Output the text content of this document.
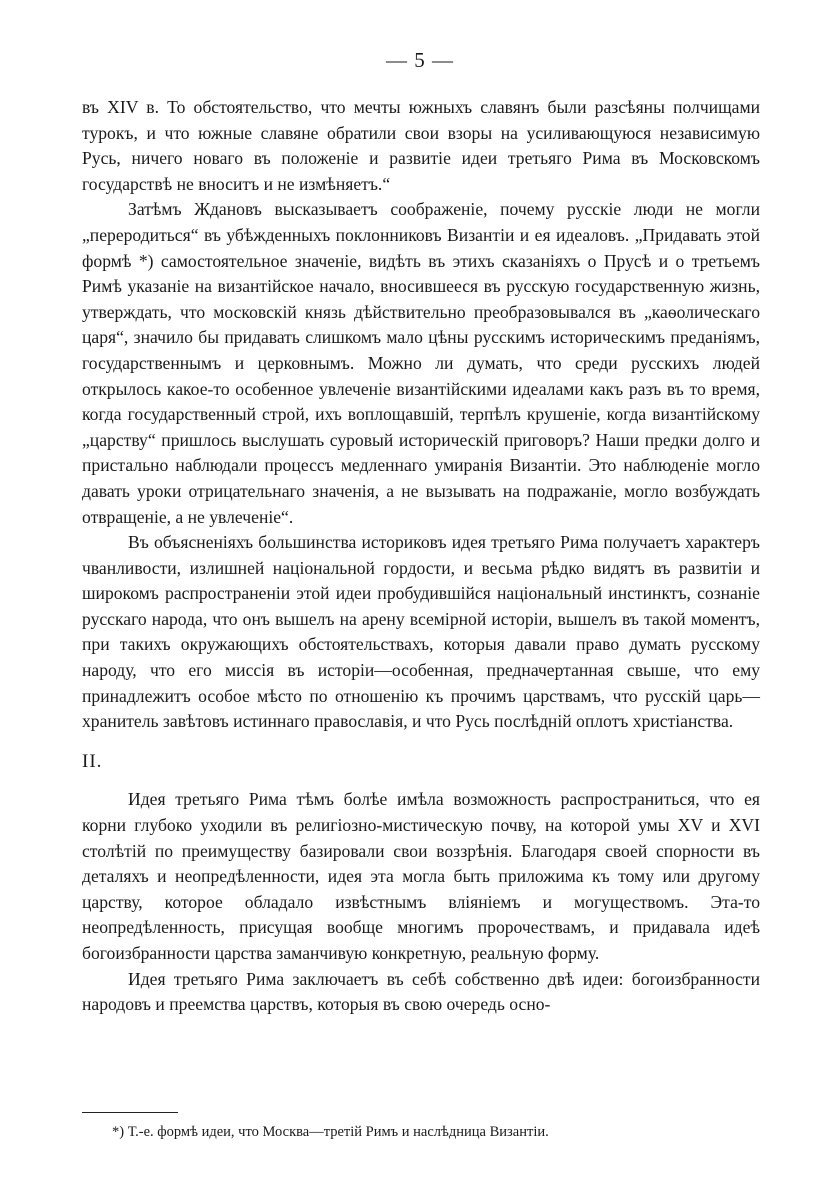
— 5 —

въ XIV в. То обстоятельство, что мечты южныхъ славянъ были разсѣяны полчищами турокъ, и что южные славяне обратили свои взоры на усиливающуюся независимую Русь, ничего новаго въ положеніе и развитіе идеи третьяго Рима въ Московскомъ государствѣ не вноситъ и не измѣняетъ.“

Затѣмъ Ждановъ высказываетъ соображеніе, почему русскіе люди не могли „переродиться“ въ убѣжденныхъ поклонниковъ Византіи и ея идеаловъ. „Придавать этой формѣ *) самостоятельное значеніе, видѣть въ этихъ сказаніяхъ о Прусѣ и о третьемъ Римѣ указаніе на византійское начало, вносившееся въ русскую государственную жизнь, утверждать, что московскій князь дѣйствительно преобразовывался въ „каѳолическаго царя“, значило бы придавать слишкомъ мало цѣны русскимъ историческимъ преданіямъ, государственнымъ и церковнымъ. Можно ли думать, что среди русскихъ людей открылось какое-то особенное увлеченіе византійскими идеалами какъ разъ въ то время, когда государственный строй, ихъ воплощавшій, терпѣлъ крушеніе, когда византійскому „царству“ пришлось выслушать суровый историческій приговоръ? Наши предки долго и пристально наблюдали процессъ медленнаго умиранія Византіи. Это наблюденіе могло давать уроки отрицательнаго значенія, а не вызывать на подражаніе, могло возбуждать отвращеніе, а не увлеченіе“.

Въ объясненіяхъ большинства историковъ идея третьяго Рима получаетъ характеръ чванливости, излишней національной гордости, и весьма рѣдко видятъ въ развитіи и широкомъ распространеніи этой идеи пробудившійся національный инстинктъ, сознаніе русскаго народа, что онъ вышелъ на арену всемірной исторіи, вышелъ въ такой моментъ, при такихъ окружающихъ обстоятельствахъ, которыя давали право думать русскому народу, что его миссія въ исторіи—особенная, предначертанная свыше, что ему принадлежитъ особое мѣсто по отношенію къ прочимъ царствамъ, что русскій царь—хранитель завѣтовъ истиннаго православія, и что Русь послѣдній оплотъ христіанства.

II.

Идея третьяго Рима тѣмъ болѣе имѣла возможность распространиться, что ея корни глубоко уходили въ религіозно-мистическую почву, на которой умы XV и XVI столѣтій по преимуществу базировали свои воззрѣнія. Благодаря своей спорности въ деталяхъ и неопредѣленности, идея эта могла быть приложима къ тому или другому царству, которое обладало извѣстнымъ вліяніемъ и могуществомъ. Эта-то неопредѣленность, присущая вообще многимъ пророчествамъ, и придавала идеѣ богоизбранности царства заманчивую конкретную, реальную форму.

Идея третьяго Рима заключаетъ въ себѣ собственно двѣ идеи: богоизбранности народовъ и преемства царствъ, которыя въ свою очередь осно-

*) Т.-е. формѣ идеи, что Москва—третій Римъ и наслѣдница Византіи.
